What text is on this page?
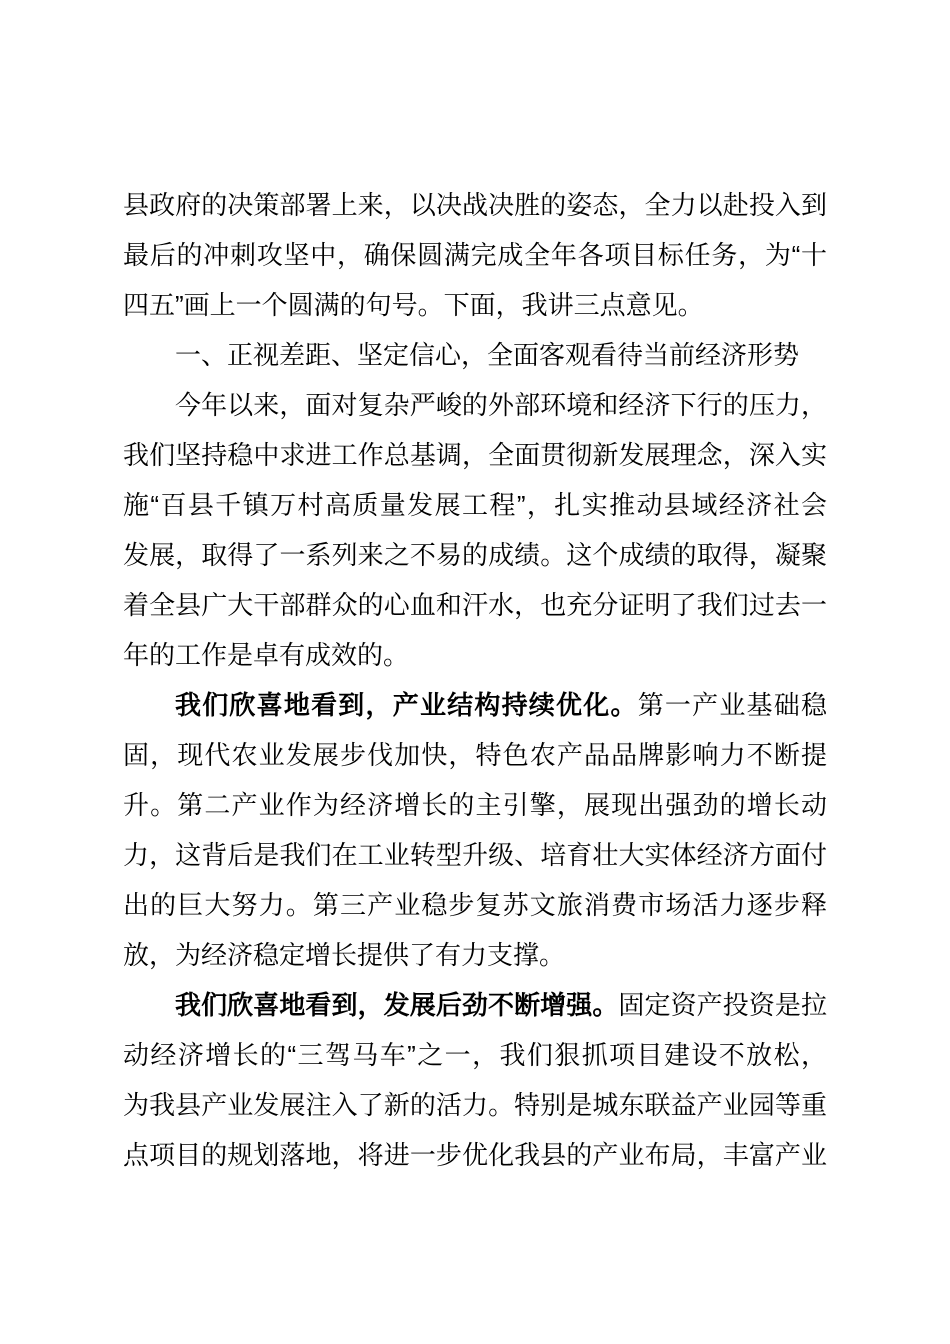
县政府的决策部署上来，以决战决胜的姿态，全力以赴投入到
最后的冲刺攻坚中，确保圆满完成全年各项目标任务，为“十
四五”画上一个圆满的句号。下面，我讲三点意见。
一、正视差距、坚定信心，全面客观看待当前经济形势
今年以来，面对复杂严峻的外部环境和经济下行的压力，
我们坚持稳中求进工作总基调，全面贯彻新发展理念，深入实
施“百县千镇万村高质量发展工程”，扎实推动县域经济社会
发展，取得了一系列来之不易的成绩。这个成绩的取得，凝聚
着全县广大干部群众的心血和汗水，也充分证明了我们过去一
年的工作是卓有成效的。
我们欣喜地看到，产业结构持续优化。第一产业基础稳
固，现代农业发展步伐加快，特色农产品品牌影响力不断提
升。第二产业作为经济增长的主引擎，展现出强劲的增长动
力，这背后是我们在工业转型升级、培育壮大实体经济方面付
出的巨大努力。第三产业稳步复苏文旅消费市场活力逐步释
放，为经济稳定增长提供了有力支撑。
我们欣喜地看到，发展后劲不断增强。固定资产投资是拉
动经济增长的“三驾马车”之一，我们狠抓项目建设不放松，
为我县产业发展注入了新的活力。特别是城东联益产业园等重
点项目的规划落地，将进一步优化我县的产业布局，丰富产业
